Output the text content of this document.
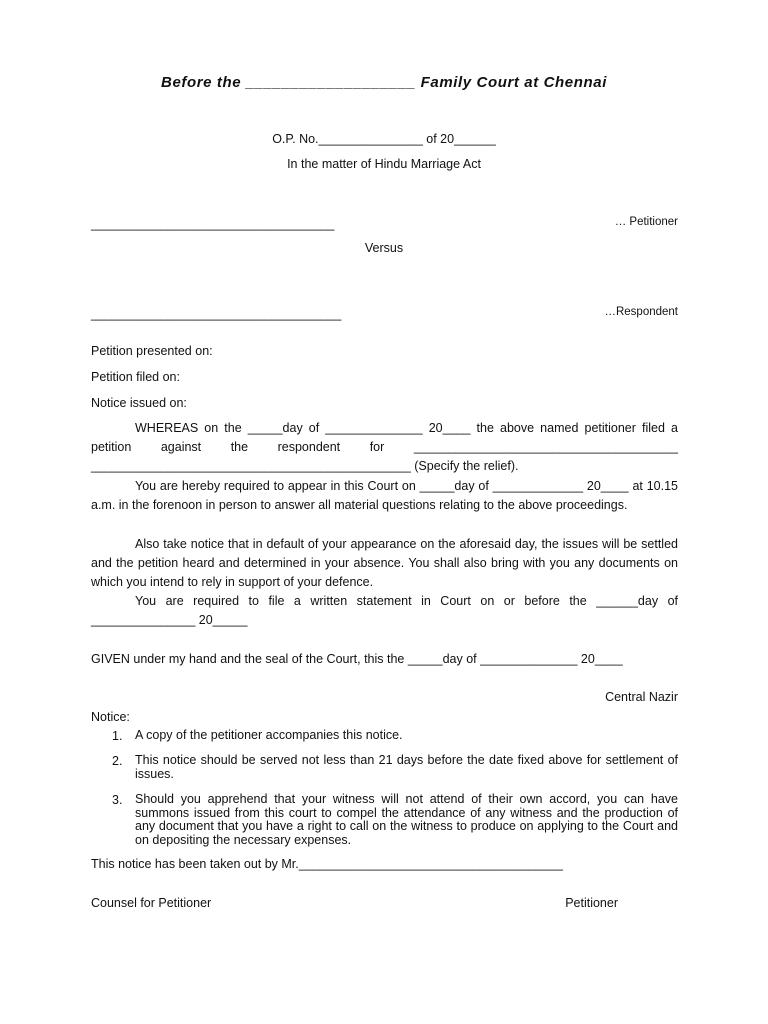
Before the ___________________ Family Court at Chennai
O.P. No._______________ of 20______
In the matter of Hindu Marriage Act
___________________________________	… Petitioner
Versus
____________________________________	…Respondent
Petition presented on:
Petition filed on:
Notice issued on:
WHEREAS on the _____day of ______________ 20____ the above named petitioner filed a petition against the respondent for ______________________________________ ______________________________________________ (Specify the relief).
You are hereby required to appear in this Court on _____day of _____________ 20____ at 10.15 a.m. in the forenoon in person to answer all material questions relating to the above proceedings.
Also take notice that in default of your appearance on the aforesaid day, the issues will be settled and the petition heard and determined in your absence. You shall also bring with you any documents on which you intend to rely in support of your defence.
You are required to file a written statement in Court on or before the ______day of _______________ 20_____
GIVEN under my hand and the seal of the Court, this the _____day of ______________ 20____
Central Nazir
Notice:
1. A copy of the petitioner accompanies this notice.
2. This notice should be served not less than 21 days before the date fixed above for settlement of issues.
3. Should you apprehend that your witness will not attend of their own accord, you can have summons issued from this court to compel the attendance of any witness and the production of any document that you have a right to call on the witness to produce on applying to the Court and on depositing the necessary expenses.
This notice has been taken out by Mr.______________________________________
Counsel for Petitioner	Petitioner
